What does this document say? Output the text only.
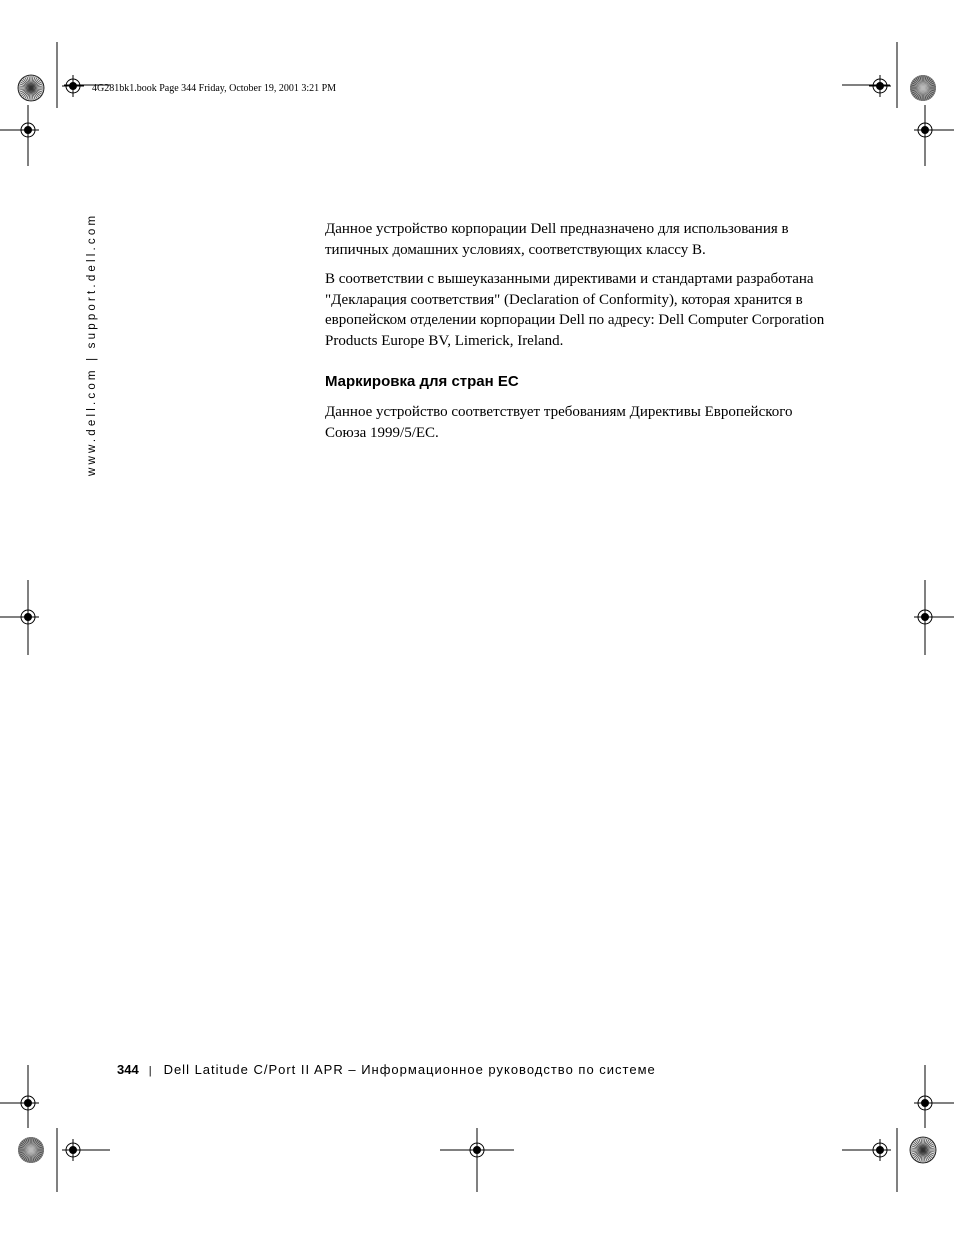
4G281bk1.book Page 344 Friday, October 19, 2001 3:21 PM
www.dell.com | support.dell.com	Данное устройство корпорации Dell предназначено для использования в типичных домашних условиях, соответствующих классу B.

В соответствии с вышеуказанными директивами и стандартами разработана "Декларация соответствия" (Declaration of Conformity), которая хранится в европейском отделении корпорации Dell по адресу: Dell Computer Corporation Products Europe BV, Limerick, Ireland.

Маркировка для стран ЕС

Данное устройство соответствует требованиям Директивы Европейского Союза 1999/5/EC.

344 | Dell Latitude C/Port II APR – Информационное руководство по системе
